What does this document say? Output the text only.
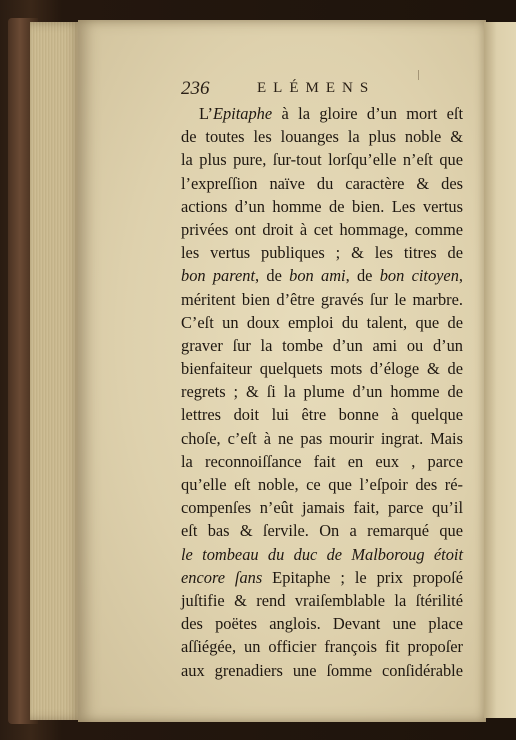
236	ELÉMENS
L’Epitaphe à la gloire d’un mort eſt
de toutes les louanges la plus noble &
la plus pure, ſur-tout lorſqu’elle n’eſt que
l’expreſſion naïve du caractère & des
actions d’un homme de bien. Les vertus
privées ont droit à cet hommage, comme
les vertus publiques ; & les titres de
bon parent, de bon ami, de bon citoyen,
méritent bien d’être gravés ſur le marbre.
C’eſt un doux emploi du talent, que de
graver ſur la tombe d’un ami ou d’un
bienfaiteur quelquets mots d’éloge & de
regrets ; & ſi la plume d’un homme de
lettres doit lui être bonne à quelque
choſe, c’eſt à ne pas mourir ingrat. Mais
la reconnoiſſance fait en eux , parce
qu’elle eſt noble, ce que l’eſpoir des ré-
compenſes n’eût jamais fait, parce qu’il
eſt bas & ſervile. On a remarqué que
le tombeau du duc de Malboroug étoit
encore ſans Epitaphe ; le prix propoſé
juſtifie & rend vraiſemblable la ſtérilité
des poëtes anglois. Devant une place
aſſiégée, un officier françois fit propoſer
aux grenadiers une ſomme conſidérable
